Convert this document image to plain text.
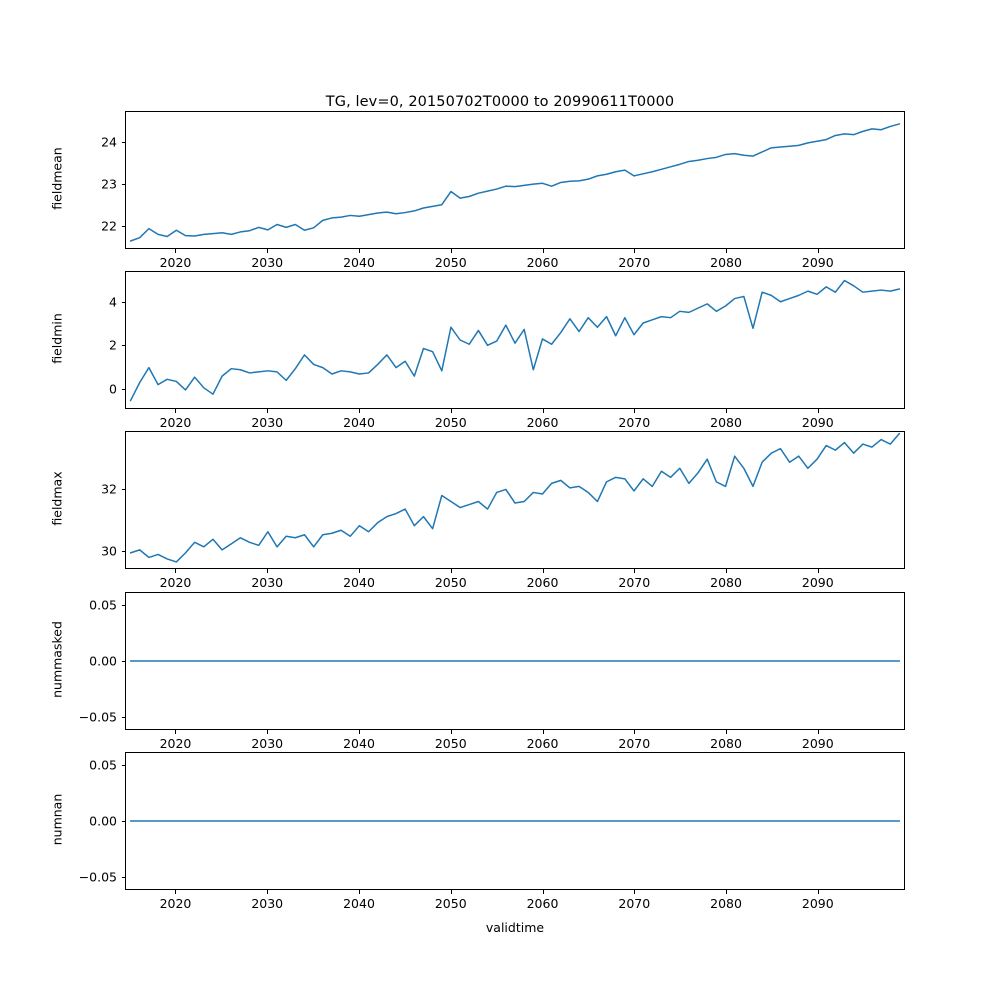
TG, lev=0, 20150702T0000 to 20990611T0000
fieldmean
22
23
24
2020	2030	2040	2050	2060	2070	2080	2090
fieldmin
0
2
4
2020	2030	2040	2050	2060	2070	2080	2090
fieldmax
30
32
2020	2030	2040	2050	2060	2070	2080	2090
nummasked
−0.05
0.00
0.05
2020	2030	2040	2050	2060	2070	2080	2090
numnan
−0.05
0.00
0.05
2020	2030	2040	2050	2060	2070	2080	2090
validtime
